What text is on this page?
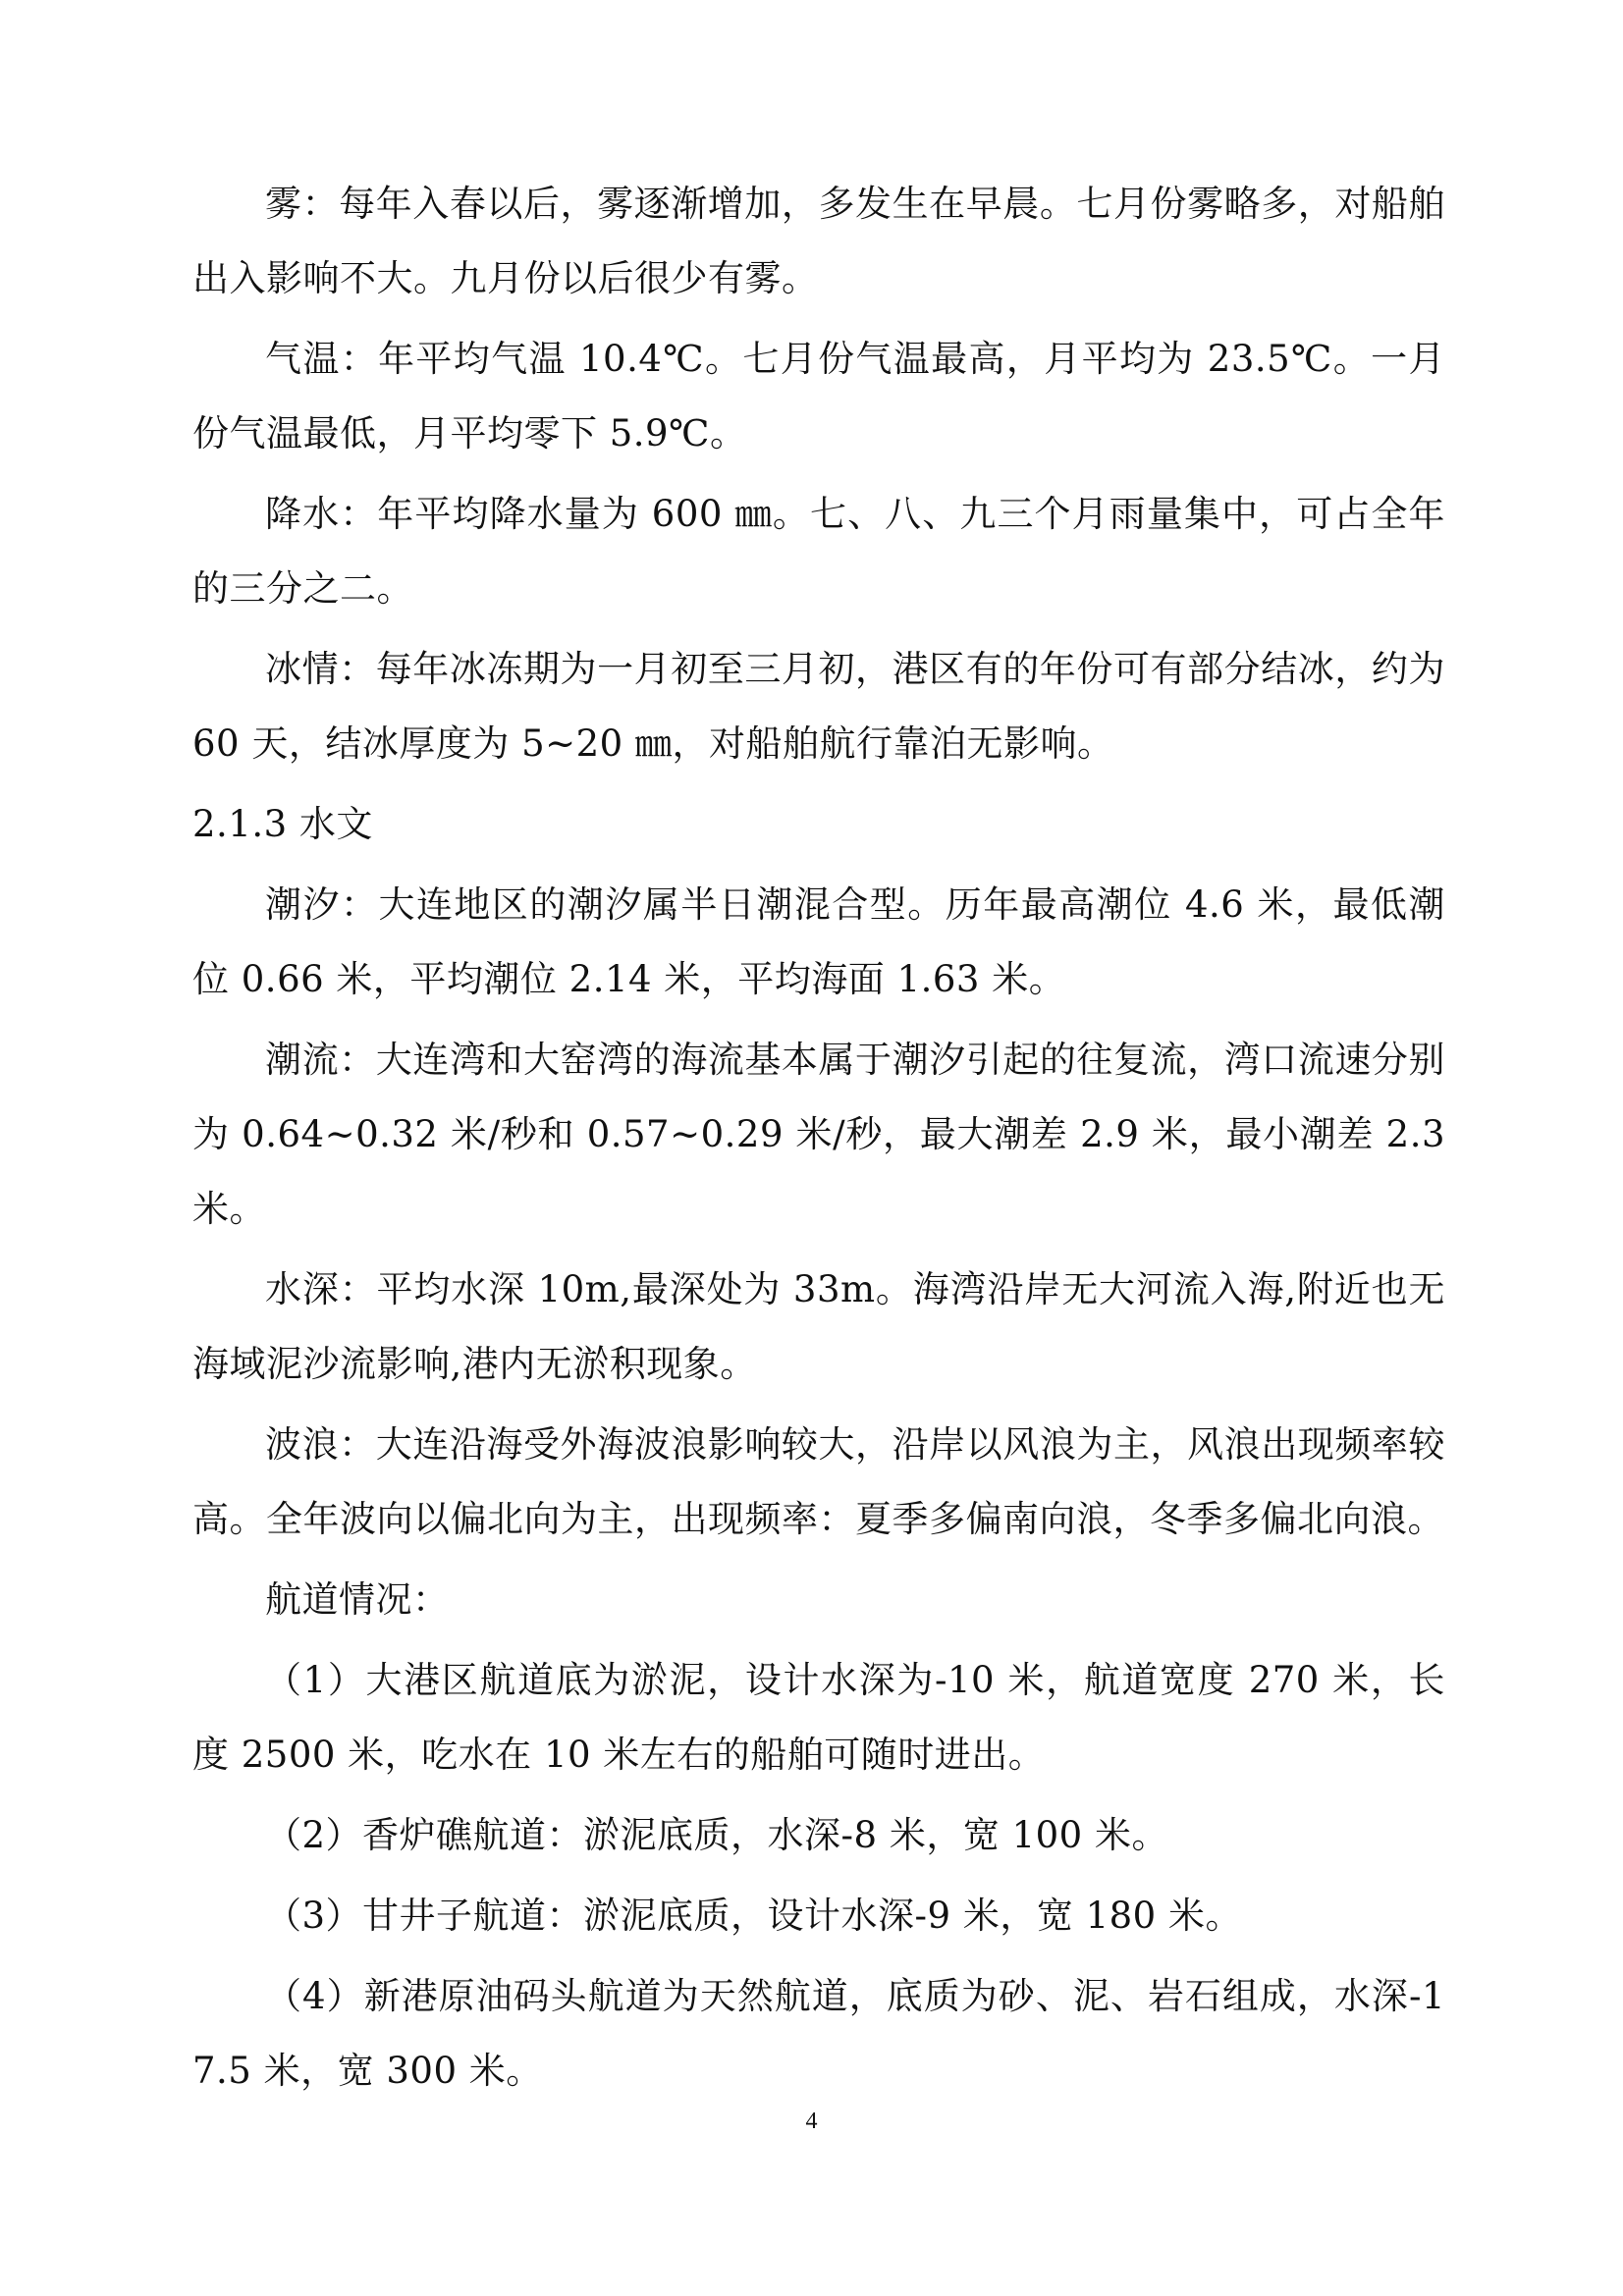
雾：每年入春以后，雾逐渐增加，多发生在早晨。七月份雾略多，对船舶出入影响不大。九月份以后很少有雾。

气温：年平均气温 10.4℃。七月份气温最高，月平均为 23.5℃。一月份气温最低，月平均零下 5.9℃。

降水：年平均降水量为 600 ㎜。七、八、九三个月雨量集中，可占全年的三分之二。

冰情：每年冰冻期为一月初至三月初，港区有的年份可有部分结冰，约为 60 天，结冰厚度为 5~20 ㎜，对船舶航行靠泊无影响。

2.1.3 水文

潮汐：大连地区的潮汐属半日潮混合型。历年最高潮位 4.6 米，最低潮位 0.66 米，平均潮位 2.14 米，平均海面 1.63 米。

潮流：大连湾和大窑湾的海流基本属于潮汐引起的往复流，湾口流速分别为 0.64~0.32 米/秒和 0.57~0.29 米/秒，最大潮差 2.9 米，最小潮差 2.3 米。

水深：平均水深 10m,最深处为 33m。海湾沿岸无大河流入海,附近也无海域泥沙流影响,港内无淤积现象。

波浪：大连沿海受外海波浪影响较大，沿岸以风浪为主，风浪出现频率较高。全年波向以偏北向为主，出现频率：夏季多偏南向浪，冬季多偏北向浪。

航道情况：

（1）大港区航道底为淤泥，设计水深为-10 米，航道宽度 270 米，长度 2500 米，吃水在 10 米左右的船舶可随时进出。

（2）香炉礁航道：淤泥底质，水深-8 米，宽 100 米。

（3）甘井子航道：淤泥底质，设计水深-9 米，宽 180 米。

（4）新港原油码头航道为天然航道，底质为砂、泥、岩石组成，水深-17.5 米，宽 300 米。

4
